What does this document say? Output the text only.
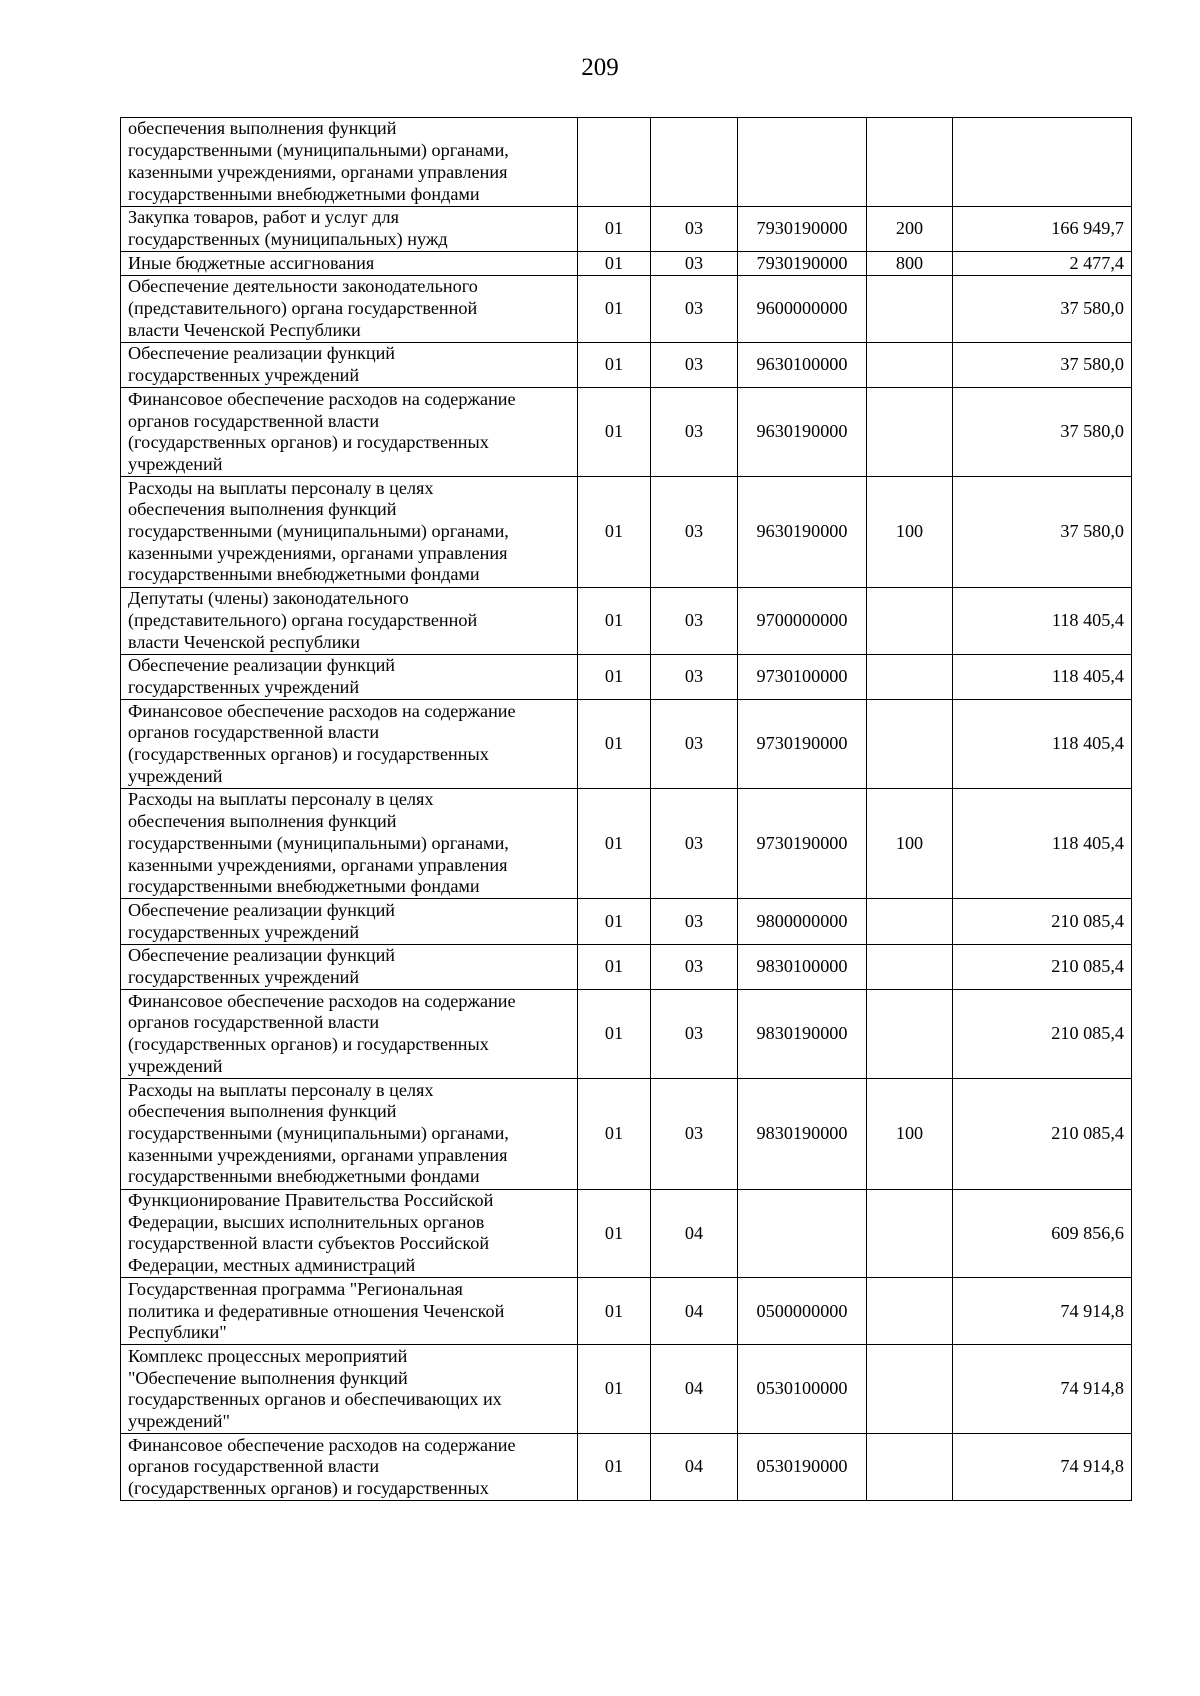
209
обеспечения выполнения функций
государственными (муниципальными) органами,
казенными учреждениями, органами управления
государственными внебюджетными фондами					

Закупка товаров, работ и услуг для
государственных (муниципальных) нужд	01	03	7930190000	200	166 949,7

Иные бюджетные ассигнования	01	03	7930190000	800	2 477,4

Обеспечение деятельности законодательного
(представительного) органа государственной
власти Чеченской Республики	01	03	9600000000		37 580,0

Обеспечение реализации функций
государственных учреждений	01	03	9630100000		37 580,0

Финансовое обеспечение расходов на содержание
органов государственной власти
(государственных органов) и государственных
учреждений	01	03	9630190000		37 580,0

Расходы на выплаты персоналу в целях
обеспечения выполнения функций
государственными (муниципальными) органами,
казенными учреждениями, органами управления
государственными внебюджетными фондами	01	03	9630190000	100	37 580,0

Депутаты (члены) законодательного
(представительного) органа государственной
власти Чеченской республики	01	03	9700000000		118 405,4

Обеспечение реализации функций
государственных учреждений	01	03	9730100000		118 405,4

Финансовое обеспечение расходов на содержание
органов государственной власти
(государственных органов) и государственных
учреждений	01	03	9730190000		118 405,4

Расходы на выплаты персоналу в целях
обеспечения выполнения функций
государственными (муниципальными) органами,
казенными учреждениями, органами управления
государственными внебюджетными фондами	01	03	9730190000	100	118 405,4

Обеспечение реализации функций
государственных учреждений	01	03	9800000000		210 085,4

Обеспечение реализации функций
государственных учреждений	01	03	9830100000		210 085,4

Финансовое обеспечение расходов на содержание
органов государственной власти
(государственных органов) и государственных
учреждений	01	03	9830190000		210 085,4

Расходы на выплаты персоналу в целях
обеспечения выполнения функций
государственными (муниципальными) органами,
казенными учреждениями, органами управления
государственными внебюджетными фондами	01	03	9830190000	100	210 085,4

Функционирование Правительства Российской
Федерации, высших исполнительных органов
государственной власти субъектов Российской
Федерации, местных администраций	01	04			609 856,6

Государственная программа "Региональная
политика и федеративные отношения Чеченской
Республики"	01	04	0500000000		74 914,8

Комплекс процессных мероприятий
"Обеспечение выполнения функций
государственных органов и обеспечивающих их
учреждений"	01	04	0530100000		74 914,8

Финансовое обеспечение расходов на содержание
органов государственной власти
(государственных органов) и государственных	01	04	0530190000		74 914,8
